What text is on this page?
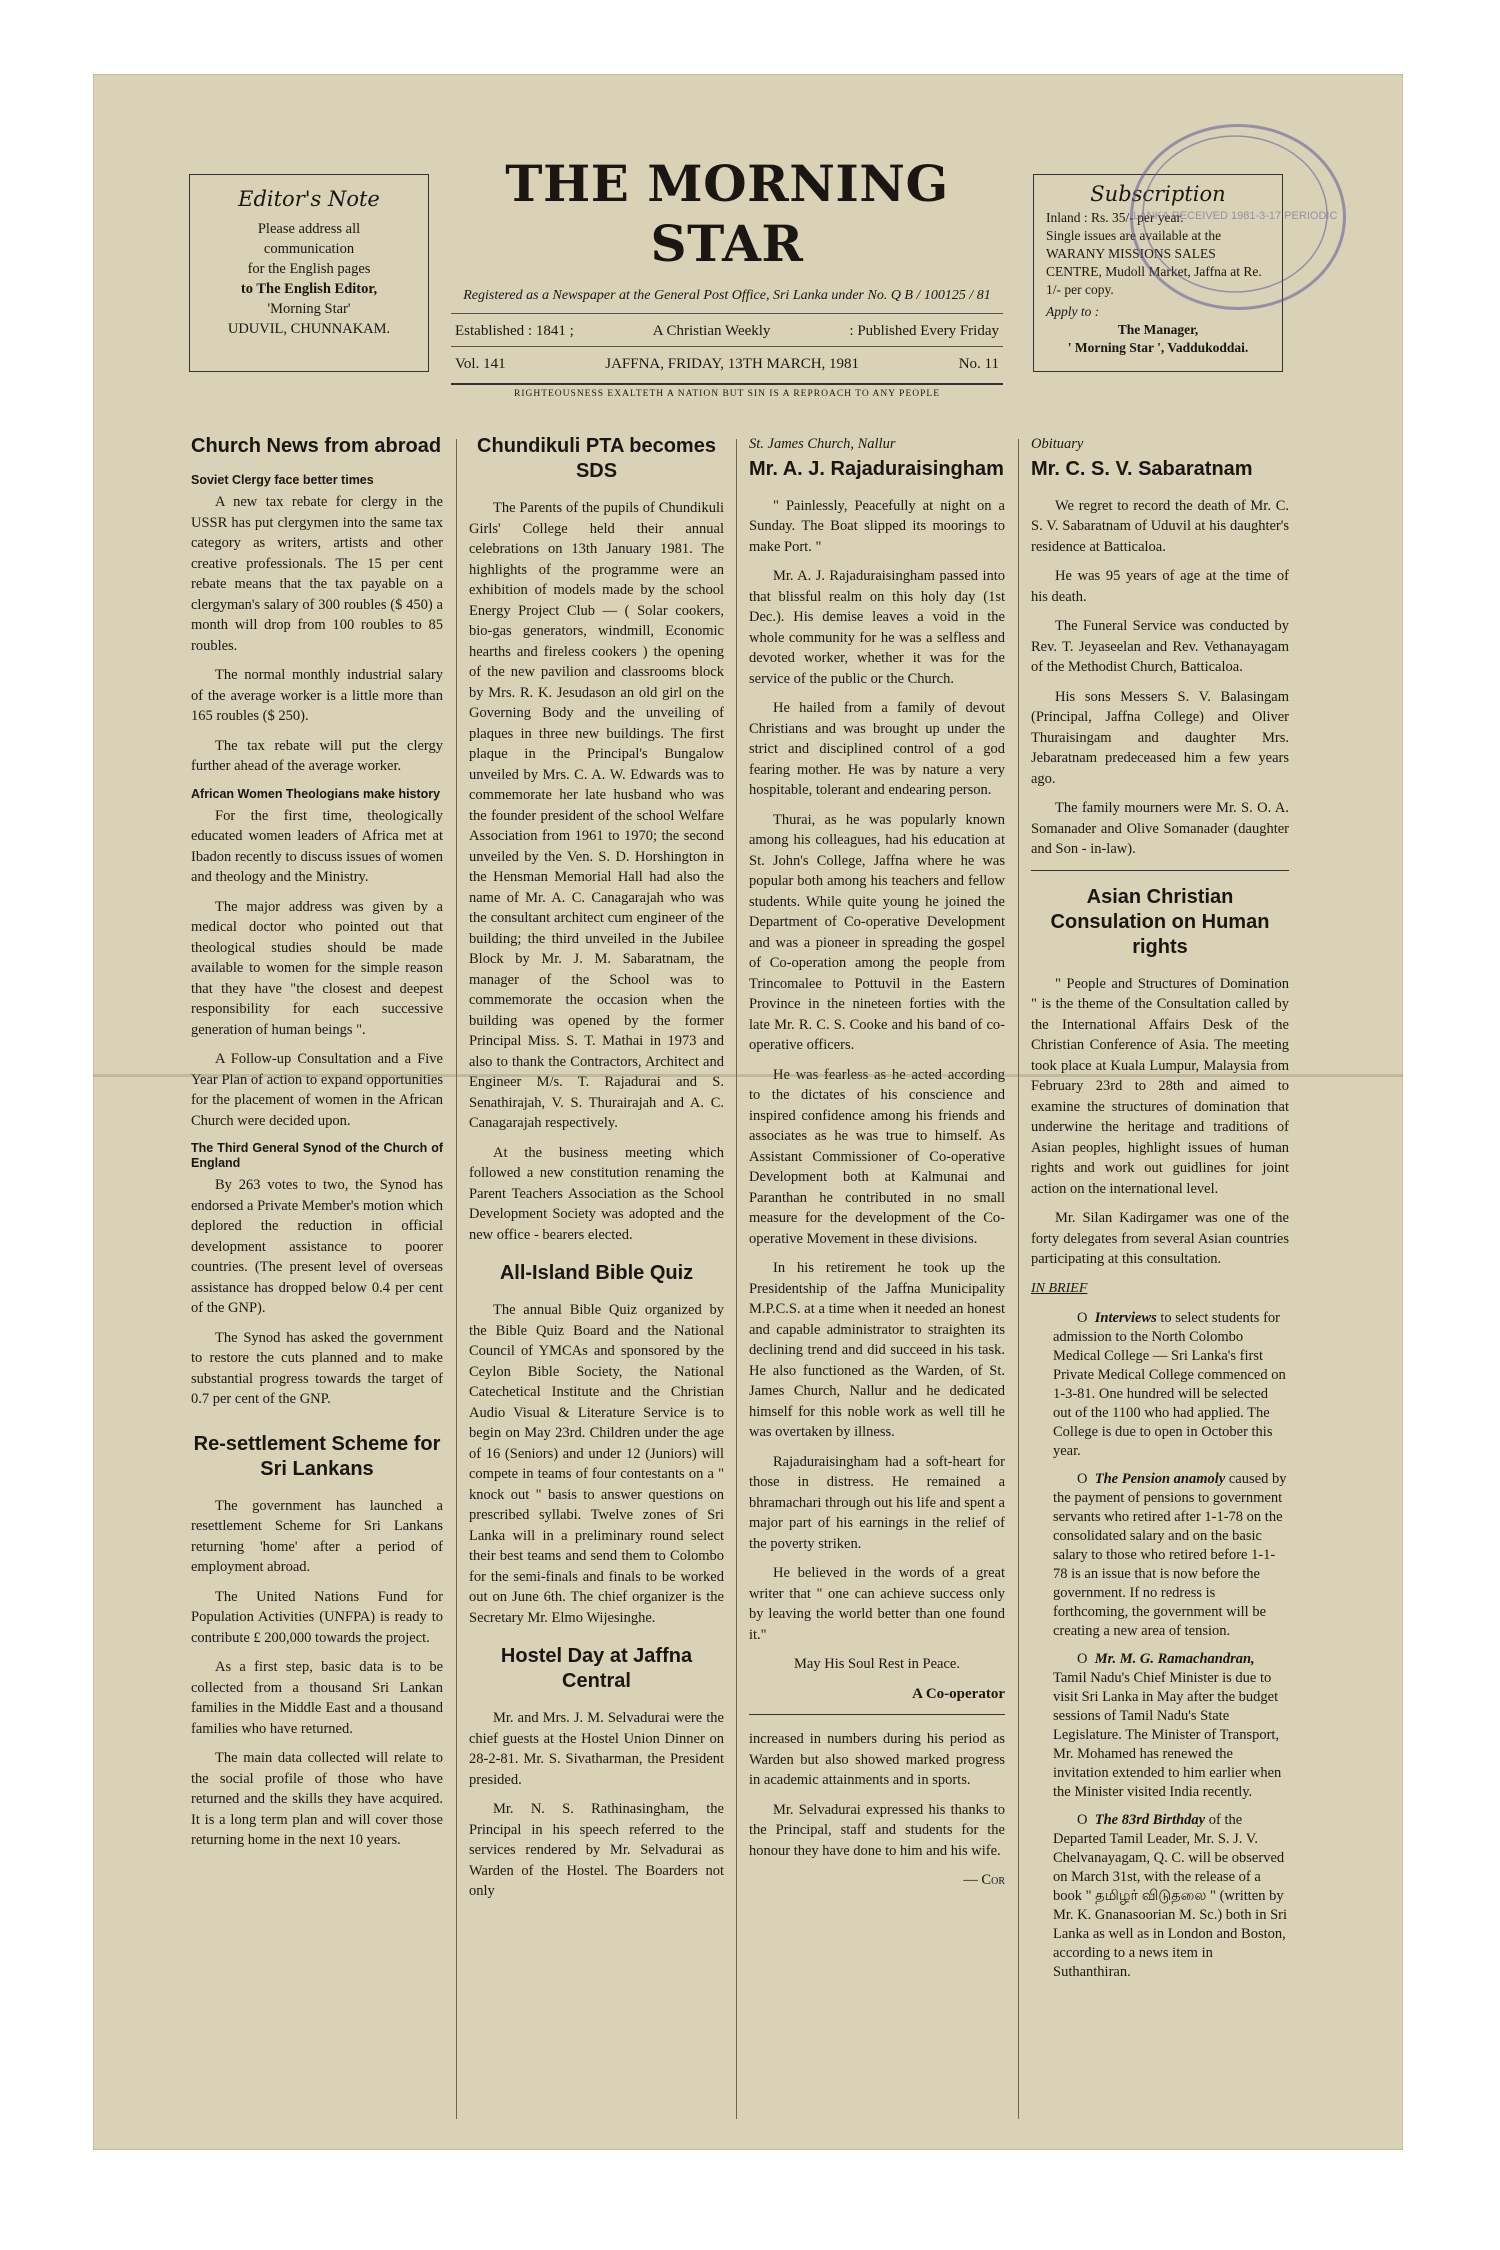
Editor's Note
Please address all
communication
for the English pages
to The English Editor,
'Morning Star'
UDUVIL, CHUNNAKAM.
THE MORNING STAR
Registered as a Newspaper at the General Post Office, Sri Lanka under No. Q B / 100125 / 81
Established : 1841 ;	A Christian Weekly	: Published Every Friday
Vol. 141	JAFFNA, FRIDAY, 13TH MARCH, 1981	No. 11
RIGHTEOUSNESS EXALTETH A NATION BUT SIN IS A REPROACH TO ANY PEOPLE
Subscription
Inland : Rs. 35/- per year.
Single issues are available at the WARANY MISSIONS SALES CENTRE, Mudoll Market, Jaffna at Re. 1/- per copy.
Apply to :
The Manager,
' Morning Star ', Vaddukoddai.
LANKA RECEIVED 1981-3-17 PERIODIC
Church News from abroad
Soviet Clergy face better times

A new tax rebate for clergy in the USSR has put clergymen into the same tax category as writers, artists and other creative professionals. The 15 per cent rebate means that the tax payable on a clergyman's salary of 300 roubles ($ 450) a month will drop from 100 roubles to 85 roubles.

The normal monthly industrial salary of the average worker is a little more than 165 roubles ($ 250).

The tax rebate will put the clergy further ahead of the average worker.

African Women Theologians make history

For the first time, theologically educated women leaders of Africa met at Ibadon recently to discuss issues of women and theology and the Ministry.

The major address was given by a medical doctor who pointed out that theological studies should be made available to women for the simple reason that they have "the closest and deepest responsibility for each successive generation of human beings ".

A Follow-up Consultation and a Five Year Plan of action to expand opportunities for the placement of women in the African Church were decided upon.

The Third General Synod of the Church of England

By 263 votes to two, the Synod has endorsed a Private Member's motion which deplored the reduction in official development assistance to poorer countries. (The present level of overseas assistance has dropped below 0.4 per cent of the GNP).

The Synod has asked the government to restore the cuts planned and to make substantial progress towards the target of 0.7 per cent of the GNP.

Re-settlement Scheme for Sri Lankans

The government has launched a resettlement Scheme for Sri Lankans returning 'home' after a period of employment abroad.

The United Nations Fund for Population Activities (UNFPA) is ready to contribute £ 200,000 towards the project.

As a first step, basic data is to be collected from a thousand Sri Lankan families in the Middle East and a thousand families who have returned.

The main data collected will relate to the social profile of those who have returned and the skills they have acquired. It is a long term plan and will cover those returning home in the next 10 years.

Chundikuli PTA becomes SDS

The Parents of the pupils of Chundikuli Girls' College held their annual celebrations on 13th January 1981. The highlights of the programme were an exhibition of models made by the school Energy Project Club — ( Solar cookers, bio-gas generators, windmill, Economic hearths and fireless cookers ) the opening of the new pavilion and classrooms block by Mrs. R. K. Jesudason an old girl on the Governing Body and the unveiling of plaques in three new buildings. The first plaque in the Principal's Bungalow unveiled by Mrs. C. A. W. Edwards was to commemorate her late husband who was the founder president of the school Welfare Association from 1961 to 1970; the second unveiled by the Ven. S. D. Horshington in the Hensman Memorial Hall had also the name of Mr. A. C. Canagarajah who was the consultant architect cum engineer of the building; the third unveiled in the Jubilee Block by Mr. J. M. Sabaratnam, the manager of the School was to commemorate the occasion when the building was opened by the former Principal Miss. S. T. Mathai in 1973 and also to thank the Contractors, Architect and Engineer M/s. T. Rajadurai and S. Senathirajah, V. S. Thurairajah and A. C. Canagarajah respectively.

At the business meeting which followed a new constitution renaming the Parent Teachers Association as the School Development Society was adopted and the new office - bearers elected.

All-Island Bible Quiz

The annual Bible Quiz organized by the Bible Quiz Board and the National Council of YMCAs and sponsored by the Ceylon Bible Society, the National Catechetical Institute and the Christian Audio Visual & Literature Service is to begin on May 23rd. Children under the age of 16 (Seniors) and under 12 (Juniors) will compete in teams of four contestants on a " knock out " basis to answer questions on prescribed syllabi. Twelve zones of Sri Lanka will in a preliminary round select their best teams and send them to Colombo for the semi-finals and finals to be worked out on June 6th. The chief organizer is the Secretary Mr. Elmo Wijesinghe.

Hostel Day at Jaffna Central

Mr. and Mrs. J. M. Selvadurai were the chief guests at the Hostel Union Dinner on 28-2-81. Mr. S. Sivatharman, the President presided.

Mr. N. S. Rathinasingham, the Principal in his speech referred to the services rendered by Mr. Selvadurai as Warden of the Hostel. The Boarders not only

St. James Church, Nallur
Mr. A. J. Rajaduraisingham

" Painlessly, Peacefully at night on a Sunday. The Boat slipped its moorings to make Port. "

Mr. A. J. Rajaduraisingham passed into that blissful realm on this holy day (1st Dec.). His demise leaves a void in the whole community for he was a selfless and devoted worker, whether it was for the service of the public or the Church.

He hailed from a family of devout Christians and was brought up under the strict and disciplined control of a god fearing mother. He was by nature a very hospitable, tolerant and endearing person.

Thurai, as he was popularly known among his colleagues, had his education at St. John's College, Jaffna where he was popular both among his teachers and fellow students. While quite young he joined the Department of Co-operative Development and was a pioneer in spreading the gospel of Co-operation among the people from Trincomalee to Pottuvil in the Eastern Province in the nineteen forties with the late Mr. R. C. S. Cooke and his band of co-operative officers.

He was fearless as he acted according to the dictates of his conscience and inspired confidence among his friends and associates as he was true to himself. As Assistant Commissioner of Co-operative Development both at Kalmunai and Paranthan he contributed in no small measure for the development of the Co-operative Movement in these divisions.

In his retirement he took up the Presidentship of the Jaffna Municipality M.P.C.S. at a time when it needed an honest and capable administrator to straighten its declining trend and did succeed in his task. He also functioned as the Warden, of St. James Church, Nallur and he dedicated himself for this noble work as well till he was overtaken by illness.

Rajaduraisingham had a soft-heart for those in distress. He remained a bhramachari through out his life and spent a major part of his earnings in the relief of the poverty striken.

He believed in the words of a great writer that " one can achieve success only by leaving the world better than one found it."

May His Soul Rest in Peace.

A Co-operator

increased in numbers during his period as Warden but also showed marked progress in academic attainments and in sports.

Mr. Selvadurai expressed his thanks to the Principal, staff and students for the honour they have done to him and his wife.

— Cor
Obituary
Mr. C. S. V. Sabaratnam

We regret to record the death of Mr. C. S. V. Sabaratnam of Uduvil at his daughter's residence at Batticaloa.

He was 95 years of age at the time of his death.

The Funeral Service was conducted by Rev. T. Jeyaseelan and Rev. Vethanayagam of the Methodist Church, Batticaloa.

His sons Messers S. V. Balasingam (Principal, Jaffna College) and Oliver Thuraisingam and daughter Mrs. Jebaratnam predeceased him a few years ago.

The family mourners were Mr. S. O. A. Somanader and Olive Somanader (daughter and Son - in-law).

Asian Christian Consulation on Human rights

" People and Structures of Domination " is the theme of the Consultation called by the International Affairs Desk of the Christian Conference of Asia. The meeting took place at Kuala Lumpur, Malaysia from February 23rd to 28th and aimed to examine the structures of domination that underwine the heritage and traditions of Asian peoples, highlight issues of human rights and work out guidlines for joint action on the international level.

Mr. Silan Kadirgamer was one of the forty delegates from several Asian countries participating at this consultation.

IN BRIEF

O  Interviews to select students for admission to the North Colombo Medical College — Sri Lanka's first Private Medical College commenced on 1-3-81. One hundred will be selected out of the 1100 who had applied. The College is due to open in October this year.

O  The Pension anamoly caused by the payment of pensions to government servants who retired after 1-1-78 on the consolidated salary and on the basic salary to those who retired before 1-1-78 is an issue that is now before the government. If no redress is forthcoming, the government will be creating a new area of tension.

O  Mr. M. G. Ramachandran, Tamil Nadu's Chief Minister is due to visit Sri Lanka in May after the budget sessions of Tamil Nadu's State Legislature. The Minister of Transport, Mr. Mohamed has renewed the invitation extended to him earlier when the Minister visited India recently.

O  The 83rd Birthday of the Departed Tamil Leader, Mr. S. J. V. Chelvanayagam, Q. C. will be observed on March 31st, with the release of a book " தமிழர் விடுதலை " (written by Mr. K. Gnanasoorian M. Sc.) both in Sri Lanka as well as in London and Boston, according to a news item in Suthanthiran.
